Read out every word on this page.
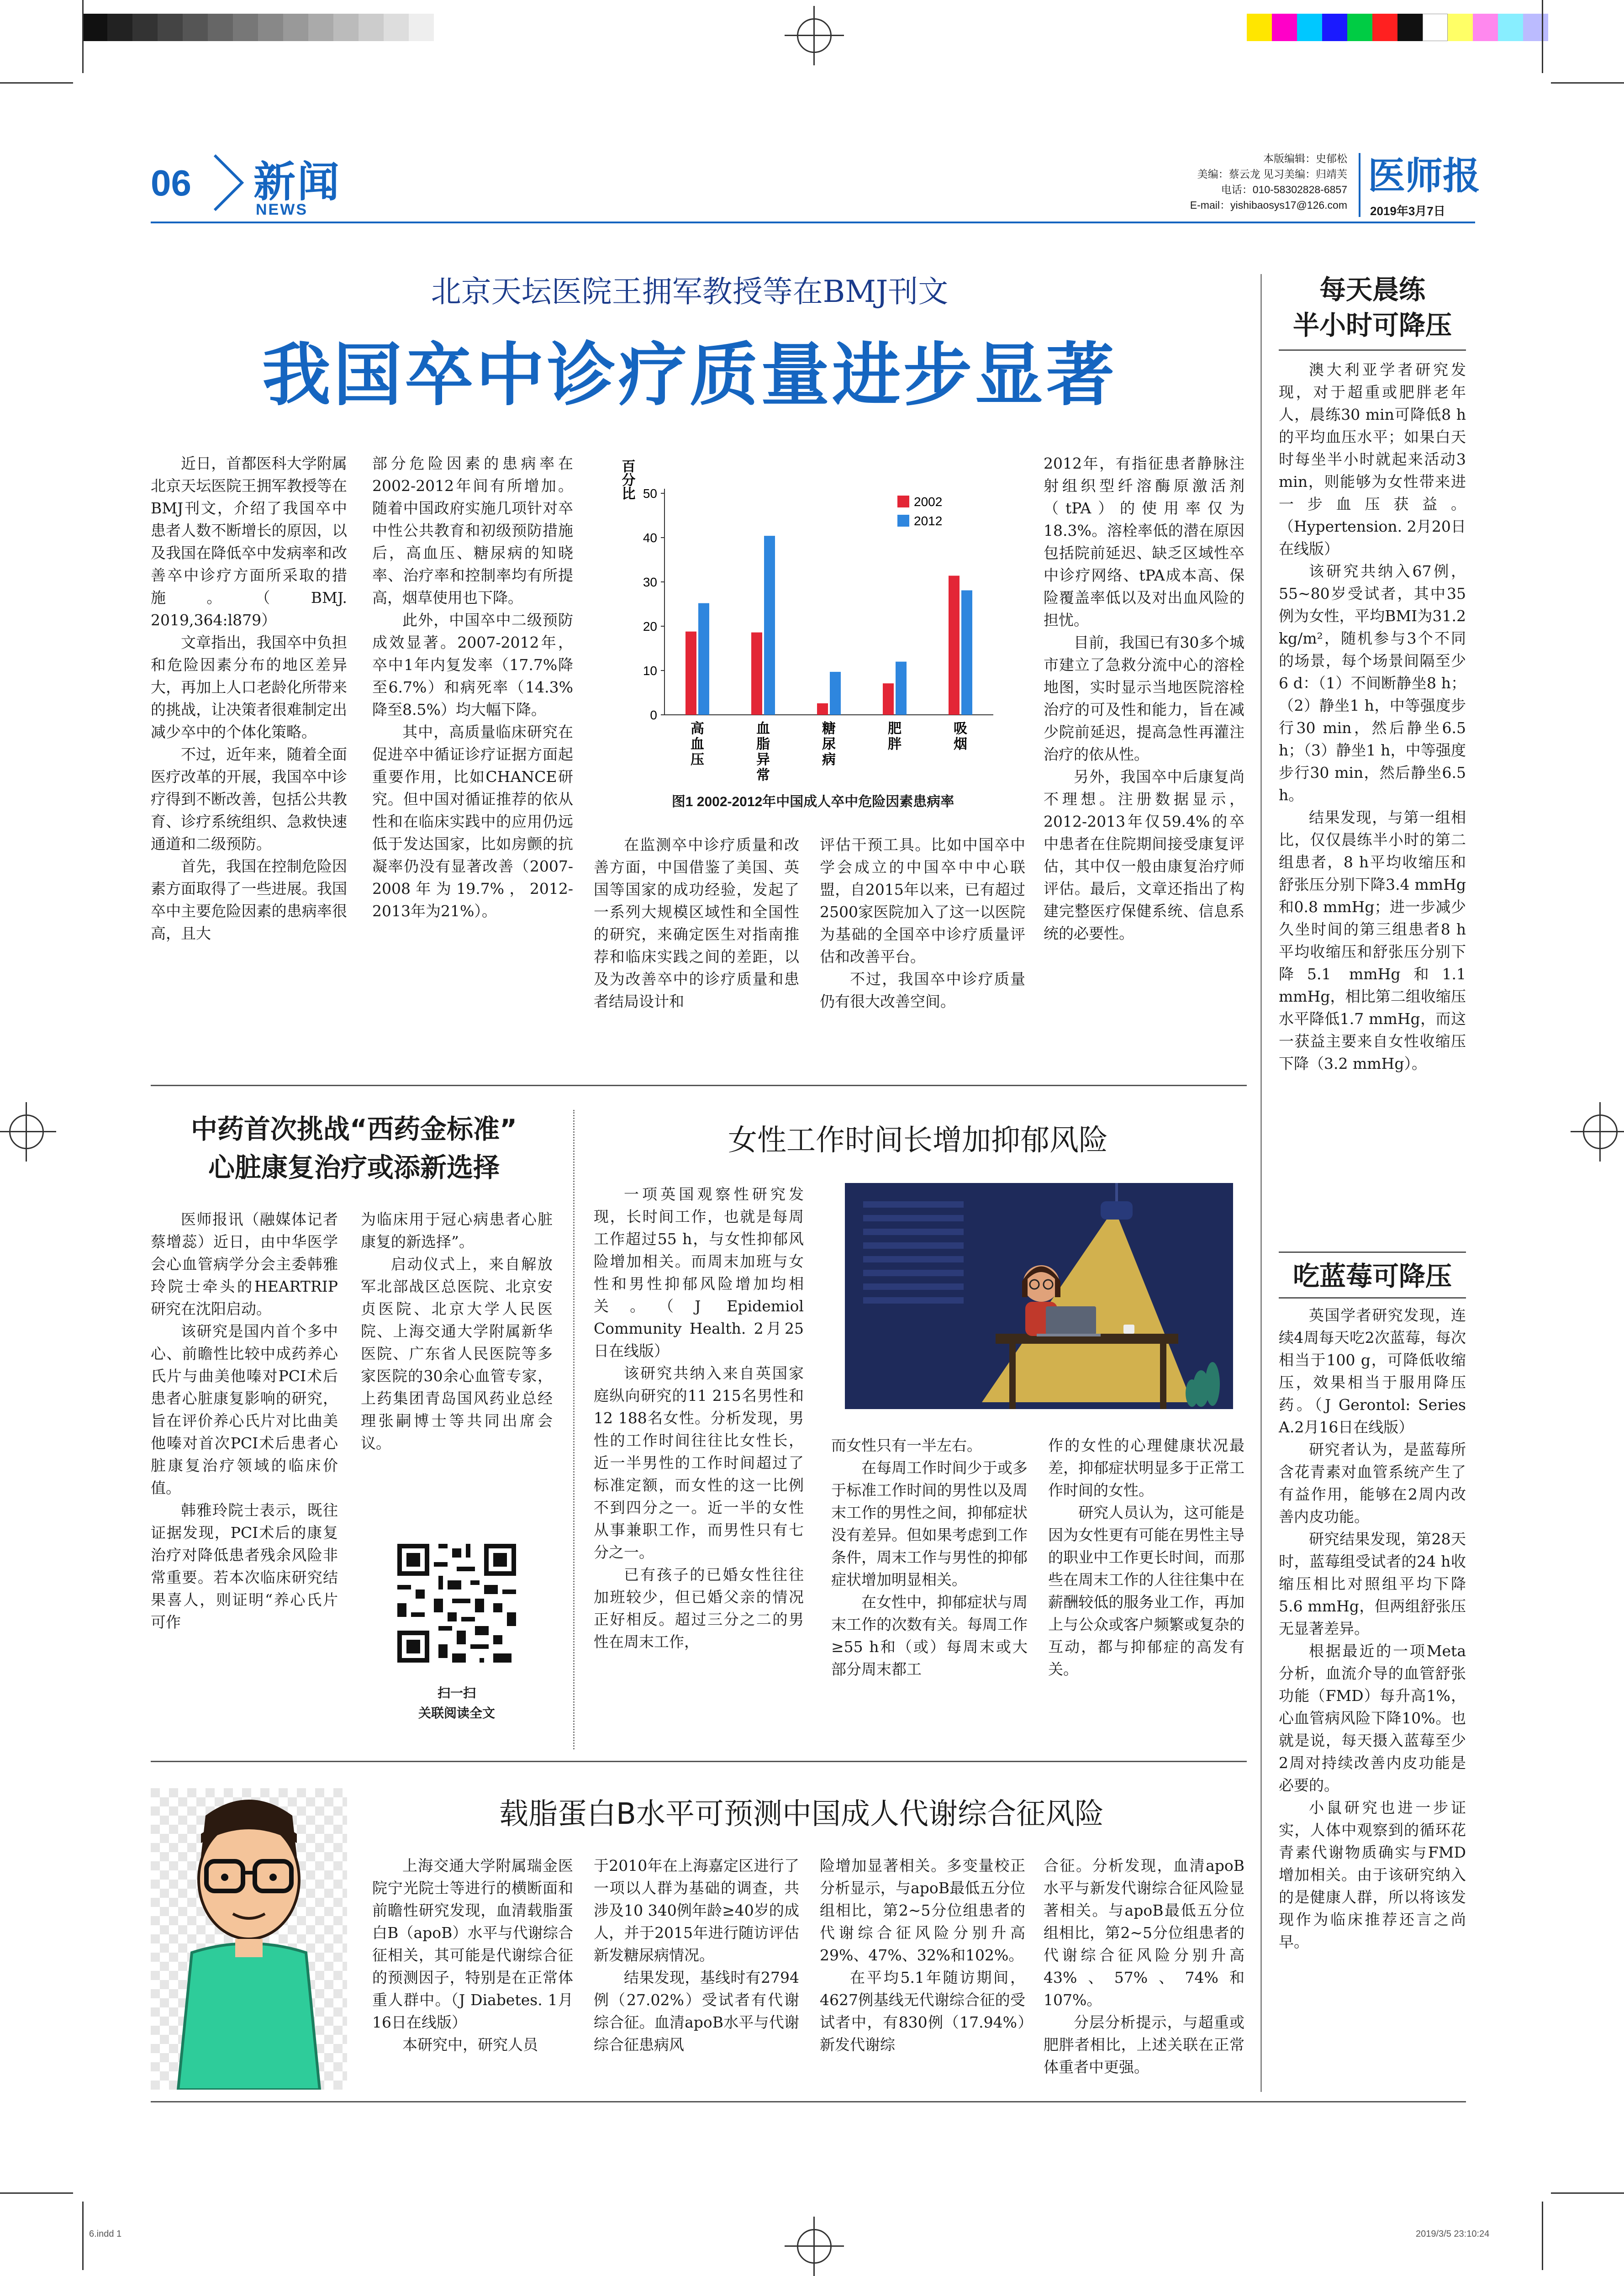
06 新闻
NEWS
本版编辑：史郁松
美编：蔡云龙 见习美编：归靖芙
电话：010-58302828-6857
E-mail：yishibaosys17@126.com
医师报
2019年3月7日
北京天坛医院王拥军教授等在BMJ刊文
我国卒中诊疗质量进步显著

近日，首都医科大学附属北京天坛医院王拥军教授等在BMJ刊文，介绍了我国卒中患者人数不断增长的原因，以及我国在降低卒中发病率和改善卒中诊疗方面所采取的措施。（BMJ. 2019,364:l879）

文章指出，我国卒中负担和危险因素分布的地区差异大，再加上人口老龄化所带来的挑战，让决策者很难制定出减少卒中的个体化策略。

不过，近年来，随着全面医疗改革的开展，我国卒中诊疗得到不断改善，包括公共教育、诊疗系统组织、急救快速通道和二级预防。

首先，我国在控制危险因素方面取得了一些进展。我国卒中主要危险因素的患病率很高，且大

部分危险因素的患病率在2002-2012年间有所增加。随着中国政府实施几项针对卒中性公共教育和初级预防措施后，高血压、糖尿病的知晓率、治疗率和控制率均有所提高，烟草使用也下降。

此外，中国卒中二级预防成效显著。2007-2012年，卒中1年内复发率（17.7%降至6.7%）和病死率（14.3%降至8.5%）均大幅下降。

其中，高质量临床研究在促进卒中循证诊疗证据方面起重要作用，比如CHANCE研究。但中国对循证推荐的依从性和在临床实践中的应用仍远低于发达国家，比如房颤的抗凝率仍没有显著改善（2007-2008年为19.7%，2012-2013年为21%）。

百分比
0
10
20
30
40
50
高
血
压
血
脂
异
常
糖
尿
病
肥
胖
吸
烟
2002
2012
图1 2002-2012年中国成人卒中危险因素患病率

在监测卒中诊疗质量和改善方面，中国借鉴了美国、英国等国家的成功经验，发起了一系列大规模区域性和全国性的研究，来确定医生对指南推荐和临床实践之间的差距，以及为改善卒中的诊疗质量和患者结局设计和

评估干预工具。比如中国卒中学会成立的中国卒中中心联盟，自2015年以来，已有超过2500家医院加入了这一以医院为基础的全国卒中诊疗质量评估和改善平台。

不过，我国卒中诊疗质量仍有很大改善空间。

2012年，有指征患者静脉注射组织型纤溶酶原激活剂（tPA）的使用率仅为18.3%。溶栓率低的潜在原因包括院前延迟、缺乏区域性卒中诊疗网络、tPA成本高、保险覆盖率低以及对出血风险的担忧。

目前，我国已有30多个城市建立了急救分流中心的溶栓地图，实时显示当地医院溶栓治疗的可及性和能力，旨在减少院前延迟，提高急性再灌注治疗的依从性。

另外，我国卒中后康复尚不理想。注册数据显示，2012-2013年仅59.4%的卒中患者在住院期间接受康复评估，其中仅一般由康复治疗师评估。最后，文章还指出了构建完整医疗保健系统、信息系统的必要性。

每天晨练
半小时可降压

澳大利亚学者研究发现，对于超重或肥胖老年人，晨练30 min可降低8 h的平均血压水平；如果白天时每坐半小时就起来活动3 min，则能够为女性带来进一步血压获益。（Hypertension. 2月20日在线版）

该研究共纳入67例，55~80岁受试者，其中35例为女性，平均BMI为31.2 kg/m²，随机参与3个不同的场景，每个场景间隔至少6 d：（1）不间断静坐8 h；（2）静坐1 h，中等强度步行30 min，然后静坐6.5 h；（3）静坐1 h，中等强度步行30 min，然后静坐6.5 h。

结果发现，与第一组相比，仅仅晨练半小时的第二组患者，8 h平均收缩压和舒张压分别下降3.4 mmHg和0.8 mmHg；进一步减少久坐时间的第三组患者8 h平均收缩压和舒张压分别下降5.1 mmHg和1.1 mmHg，相比第二组收缩压水平降低1.7 mmHg，而这一获益主要来自女性收缩压下降（3.2 mmHg）。

吃蓝莓可降压

英国学者研究发现，连续4周每天吃2次蓝莓，每次相当于100 g，可降低收缩压，效果相当于服用降压药。（J Gerontol: Series A.2月16日在线版）

研究者认为，是蓝莓所含花青素对血管系统产生了有益作用，能够在2周内改善内皮功能。

研究结果发现，第28天时，蓝莓组受试者的24 h收缩压相比对照组平均下降5.6 mmHg，但两组舒张压无显著差异。

根据最近的一项Meta分析，血流介导的血管舒张功能（FMD）每升高1%，心血管病风险下降10%。也就是说，每天摄入蓝莓至少2周对持续改善内皮功能是必要的。

小鼠研究也进一步证实，人体中观察到的循环花青素代谢物质确实与FMD增加相关。由于该研究纳入的是健康人群，所以将该发现作为临床推荐还言之尚早。

中药首次挑战“西药金标准”
心脏康复治疗或添新选择

医师报讯（融媒体记者 蔡增蕊）近日，由中华医学会心血管病学分会主委韩雅玲院士牵头的HEARTRIP研究在沈阳启动。

该研究是国内首个多中心、前瞻性比较中成药养心氏片与曲美他嗪对PCI术后患者心脏康复影响的研究，旨在评价养心氏片对比曲美他嗪对首次PCI术后患者心脏康复治疗领域的临床价值。

韩雅玲院士表示，既往证据发现，PCI术后的康复治疗对降低患者残余风险非常重要。若本次临床研究结果喜人，则证明“养心氏片可作

为临床用于冠心病患者心脏康复的新选择”。

启动仪式上，来自解放军北部战区总医院、北京安贞医院、北京大学人民医院、上海交通大学附属新华医院、广东省人民医院等多家医院的30余心血管专家，上药集团青岛国风药业总经理张嗣博士等共同出席会议。

扫一扫
关联阅读全文
女性工作时间长增加抑郁风险

一项英国观察性研究发现，长时间工作，也就是每周工作超过55 h，与女性抑郁风险增加相关。而周末加班与女性和男性抑郁风险增加均相关。（J Epidemiol Community Health. 2月25日在线版）

该研究共纳入来自英国家庭纵向研究的11 215名男性和12 188名女性。分析发现，男性的工作时间往往比女性长，近一半男性的工作时间超过了标准定额，而女性的这一比例不到四分之一。近一半的女性从事兼职工作，而男性只有七分之一。

已有孩子的已婚女性往往加班较少，但已婚父亲的情况正好相反。超过三分之二的男性在周末工作，

而女性只有一半左右。

在每周工作时间少于或多于标准工作时间的男性以及周末工作的男性之间，抑郁症状没有差异。但如果考虑到工作条件，周末工作与男性的抑郁症状增加明显相关。

在女性中，抑郁症状与周末工作的次数有关。每周工作≥55 h和（或）每周末或大部分周末都工

作的女性的心理健康状况最差，抑郁症状明显多于正常工作时间的女性。

研究人员认为，这可能是因为女性更有可能在男性主导的职业中工作更长时间，而那些在周末工作的人往往集中在薪酬较低的服务业工作，再加上与公众或客户频繁或复杂的互动，都与抑郁症的高发有关。

载脂蛋白B水平可预测中国成人代谢综合征风险

上海交通大学附属瑞金医院宁光院士等进行的横断面和前瞻性研究发现，血清载脂蛋白B（apoB）水平与代谢综合征相关，其可能是代谢综合征的预测因子，特别是在正常体重人群中。（J Diabetes. 1月16日在线版）

本研究中，研究人员

于2010年在上海嘉定区进行了一项以人群为基础的调查，共涉及10 340例年龄≥40岁的成人，并于2015年进行随访评估新发糖尿病情况。

结果发现，基线时有2794例（27.02%）受试者有代谢综合征。血清apoB水平与代谢综合征患病风

险增加显著相关。多变量校正分析显示，与apoB最低五分位组相比，第2~5分位组患者的代谢综合征风险分别升高29%、47%、32%和102%。

在平均5.1年随访期间，4627例基线无代谢综合征的受试者中，有830例（17.94%）新发代谢综

合征。分析发现，血清apoB水平与新发代谢综合征风险显著相关。与apoB最低五分位组相比，第2~5分位组患者的代谢综合征风险分别升高43%、57%、74%和107%。

分层分析提示，与超重或肥胖者相比，上述关联在正常体重者中更强。

6.indd 1	2019/3/5 23:10:24
